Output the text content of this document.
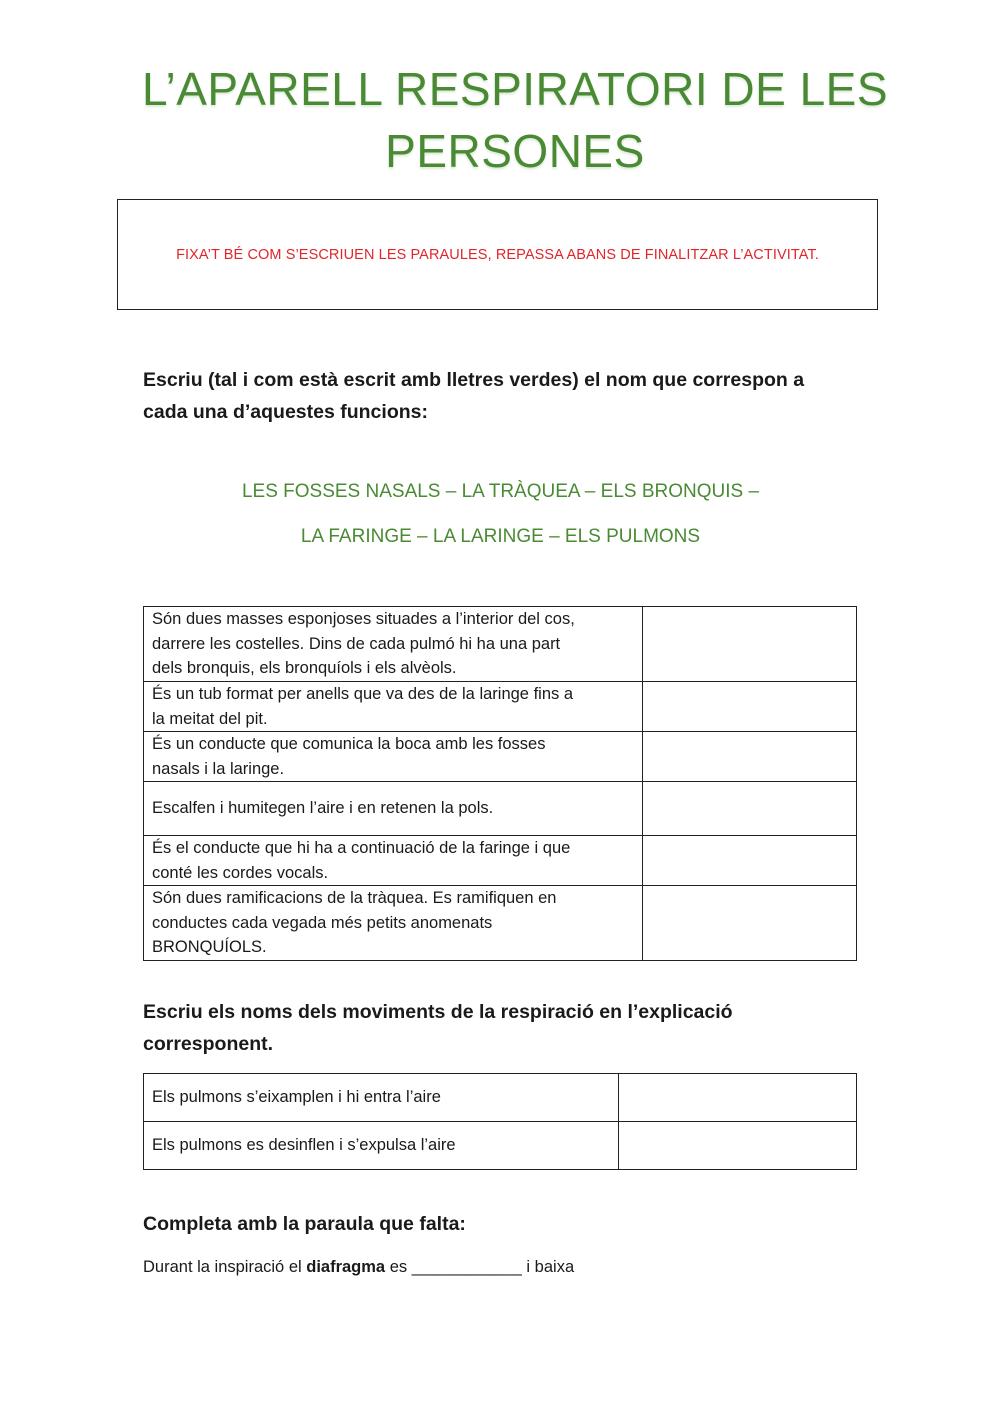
L’APARELL RESPIRATORI DE LES
PERSONES
FIXA’T BÉ COM S’ESCRIUEN LES PARAULES, REPASSA ABANS DE FINALITZAR L’ACTIVITAT.
Escriu (tal i com està escrit amb lletres verdes) el nom que correspon a
cada una d’aquestes funcions:
LES FOSSES NASALS – LA TRÀQUEA – ELS BRONQUIS –
LA FARINGE – LA LARINGE – ELS PULMONS
Són dues masses esponjoses situades a l’interior del cos,
darrere les costelles. Dins de cada pulmó hi ha una part
dels bronquis, els bronquíols i els alvèols.	

És un tub format per anells que va des de la laringe fins a
la meitat del pit.	

És un conducte que comunica la boca amb les fosses
nasals i la laringe.	

Escalfen i humitegen l’aire i en retenen la pols.	

És el conducte que hi ha a continuació de la faringe i que
conté les cordes vocals.	

Són dues ramificacions de la tràquea. Es ramifiquen en
conductes cada vegada més petits anomenats
BRONQUÍOLS.	

Escriu els noms dels moviments de la respiració en l’explicació
corresponent.
Els pulmons s’eixamplen i hi entra l’aire	
Els pulmons es desinflen i s’expulsa l’aire	
Completa amb la paraula que falta:
Durant la inspiració el diafragma es ____________ i baixa
